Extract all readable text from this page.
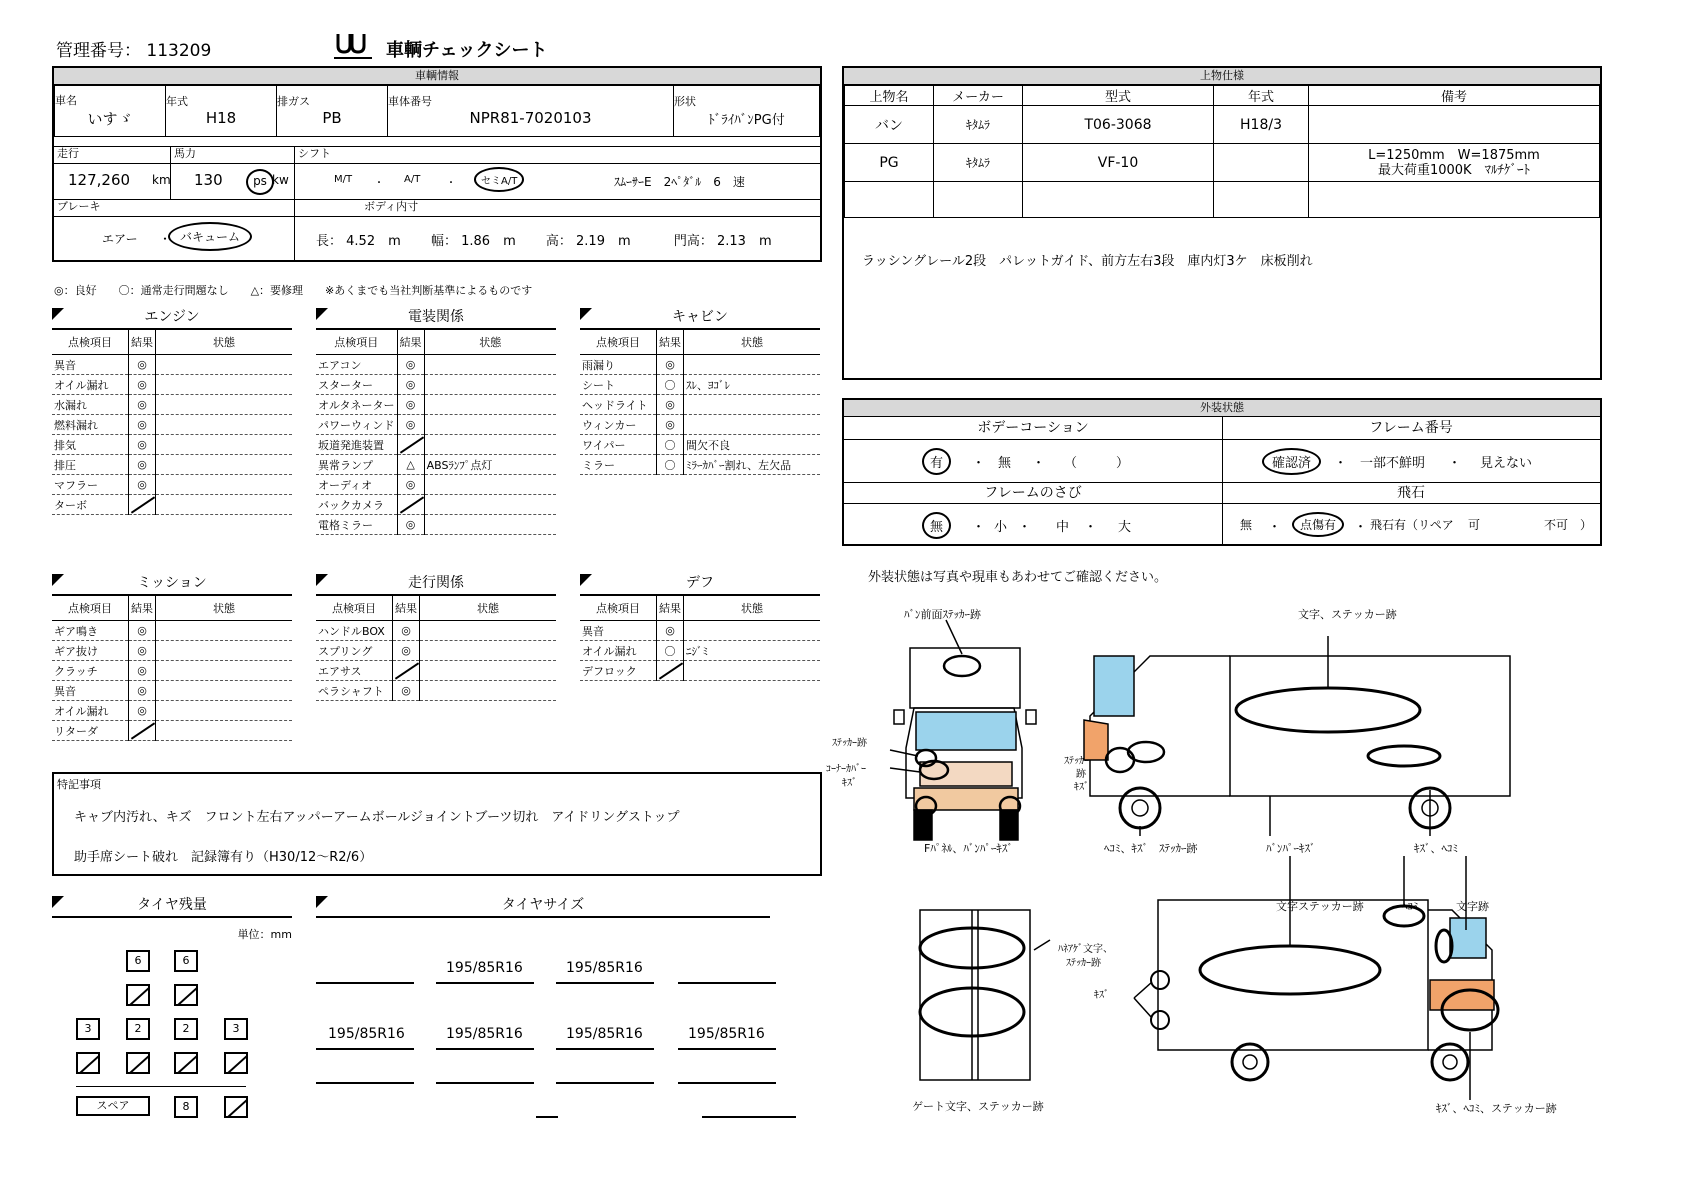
管理番号： 113209	車輌チェックシート
車輌情報
車名
いすゞ

年式
H18

排ガス
PB

車体番号
NPR81-7020103

形状
ﾄﾞﾗｲﾊﾞﾝPG付
走行	馬力	シフト
127,260 km 130	ps kw	M/T ・ A/T	・	セミA/T	ｽﾑｰｻｰE　2ﾍﾟﾀﾞﾙ　6　速
ブレーキ	ボディ内寸
エアー ・ バキューム	長： 4.52　 m　　 幅： 1.86　 m　　 高： 2.19　 m　　　	門高： 2.13　 m
上物仕様
上物名	メーカー	型式	年式	備考
バン	ｷﾀﾑﾗ	T06-3068	H18/3	
PG	ｷﾀﾑﾗ	VF-10		L=1250mm　W=1875mm
最大荷重1000K　ﾏﾙﾁｹﾞｰﾄ

ラッシングレール2段　パレットガイド、前方左右3段　庫内灯3ケ　床板削れ
◎：良好　　〇：通常走行問題なし　　△：要修理　　※あくまでも当社判断基準によるものです
エンジン
点検項目	結果	状態
異音	◎	
オイル漏れ	◎	
水漏れ	◎	
燃料漏れ	◎	
排気	◎	
排圧	◎	
マフラー	◎	
ターボ		
電装関係
点検項目	結果	状態
エアコン	◎	
スターター	◎	
オルタネーター	◎	
パワーウィンド	◎	
坂道発進装置		
異常ランプ	△	ABSﾗﾝﾌﾟ点灯
オーディオ	◎	
バックカメラ		
電格ミラー	◎	
キャビン
点検項目	結果	状態
雨漏り	◎	
シート	〇	ｽﾚ、ﾖｺﾞﾚ
ヘッドライト	◎	
ウィンカー	◎	
ワイパー	〇	間欠不良
ミラー	〇	ﾐﾗｰｶﾊﾞｰ割れ、左欠品
ミッション
点検項目	結果	状態
ギア鳴き	◎	
ギア抜け	◎	
クラッチ	◎	
異音	◎	
オイル漏れ	◎	
リターダ		
走行関係
点検項目	結果	状態
ハンドルBOX	◎	
スプリング	◎	
エアサス		
ペラシャフト	◎	
デフ
点検項目	結果	状態
異音	◎	
オイル漏れ	〇	ﾆｼﾞﾐ
デフロック		
特記事項
キャブ内汚れ、キズ　フロント左右アッパーアームボールジョイントブーツ切れ　アイドリングストップ
助手席シート破れ　記録簿有り（H30/12～R2/6）
外装状態
ボデーコーション	フレーム番号
有	・ 無 ・ （　　　）	確認済	・ 一部不鮮明 ・ 見えない
フレームのさび	飛石
無	・ 小 ・ 中 ・ 大	無 ・	点傷有	・ 飛石有（リペア 可	不可　）
外装状態は写真や現車もあわせてご確認ください。
ﾊﾞﾝ前面ｽﾃｯｶｰ跡	文字、ステッカー跡
ｽﾃｯｶｰ跡
ｺｰﾅｰｶﾊﾞｰ
ｷｽﾞ
ｽﾃｯｶｰ
跡
ｷｽﾞ
Fﾊﾟﾈﾙ、ﾊﾞﾝﾊﾟｰｷｽﾞ	ﾍｺﾐ、ｷｽﾞ　ｽﾃｯｶｰ跡	ﾊﾞﾝﾊﾟｰｷｽﾞ	ｷｽﾞ、ﾍｺﾐ
ﾊﾈｱｹﾞ文字、
ｽﾃｯｶｰ跡
ｷｽﾞ
ゲート文字、ステッカー跡
文字ステッカー跡	ﾍｺﾐ	文字跡
ｷｽﾞ、ﾍｺﾐ、ステッカー跡
タイヤ残量
単位：mm
6	6
3	2	2	3
スペア	8
タイヤサイズ
195/85R16	195/85R16
195/85R16	195/85R16	195/85R16	195/85R16
